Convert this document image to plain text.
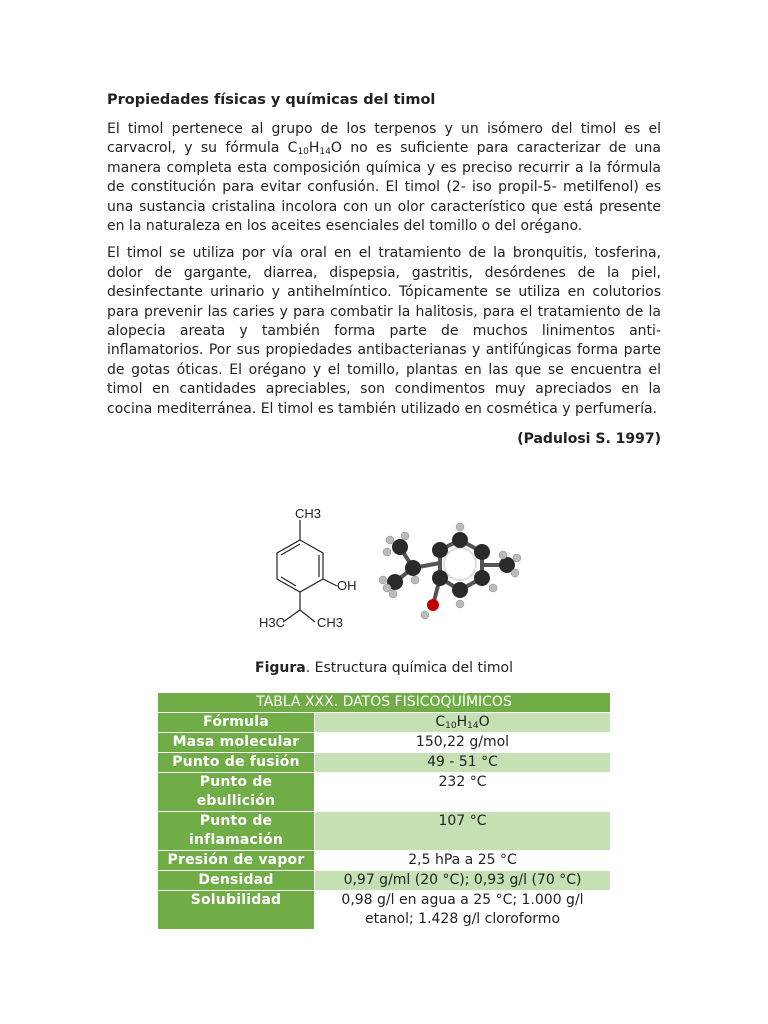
Propiedades físicas y químicas del timol

El timol pertenece al grupo de los terpenos y un isómero del timol es el carvacrol, y su fórmula $C_{10}H_{14}O$ no es suficiente para caracterizar de una manera completa esta composición química y es preciso recurrir a la fórmula de constitución para evitar confusión. El timol (2- iso propil-5- metilfenol) es una sustancia cristalina incolora con un olor característico que está presente en la naturaleza en los aceites esenciales del tomillo o del orégano.

El timol se utiliza por vía oral en el tratamiento de la bronquitis, tosferina, dolor de gargante, diarrea, dispepsia, gastritis, desórdenes de la piel, desinfectante urinario y antihelmíntico. Tópicamente se utiliza en colutorios para prevenir las caries y para combatir la halitosis, para el tratamiento de la alopecia areata y también forma parte de muchos linimentos anti-inflamatorios. Por sus propiedades antibacterianas y antifúngicas forma parte de gotas óticas. El orégano y el tomillo, plantas en las que se encuentra el timol en cantidades apreciables, son condimentos muy apreciados en la cocina mediterránea. El timol es también utilizado en cosmética y perfumería.

(Padulosi S. 1997)
CH3
OH
H3C CH3
Figura. Estructura química del timol
TABLA XXX. DATOS FISICOQUÍMICOS	
Fórmula	$C_{10}H_{14}O$
Masa molecular	150,22 g/mol
Punto de fusión	49 - 51 °C
Punto de ebullición	232 °C
Punto de inflamación	107 °C
Presión de vapor	2,5 hPa a 25 °C
Densidad	0,97 g/ml (20 °C); 0,93 g/l (70 °C)
Solubilidad	0,98 g/l en agua a 25 °C; 1.000 g/l etanol; 1.428 g/l cloroformo
